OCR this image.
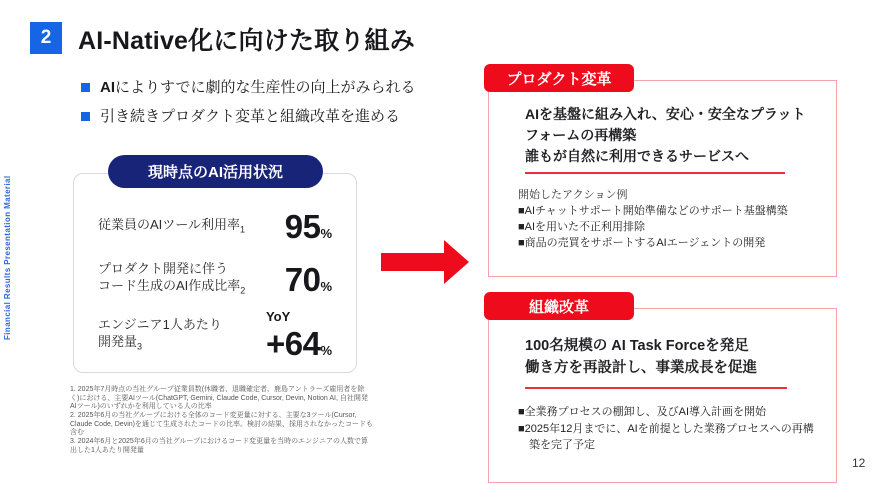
2	AI-Native化に向けた取り組み
Financial Results Presentation Material
AIによりすでに劇的な生産性の向上がみられる
引き続きプロダクト変革と組織改革を進める
現時点のAI活用状況
従業員のAIツール利用率$_1$ 95%
プロダクト開発に伴う
コード生成のAI作成比率$_2$ 70%
エンジニア1人あたり
開発量$_3$
YoY
+64%
プロダクト変革
AIを基盤に組み入れ、安心・安全なプラット
フォームの再構築
誰もが自然に利用できるサービスへ
開始したアクション例
■AIチャットサポート開始準備などのサポート基盤構築
■AIを用いた不正利用排除
■商品の売買をサポートするAIエージェントの開発
組織改革
100名規模の AI Task Forceを発足
働き方を再設計し、事業成長を促進
■全業務プロセスの棚卸し、及びAI導入計画を開始
■2025年12月までに、AIを前提とした業務プロセスへの再構築を完了予定

1. 2025年7月時点の当社グループ従業員数(休職者、退職確定者、鹿島アントラーズ雇用者を除く)における、主要AIツール(ChatGPT, Gemini, Claude Code, Cursor, Devin, Notion AI, 自社開発AIツール)のいずれかを利用している人の比率

2. 2025年6月の当社グループにおける全体のコード変更量に対する、主要な3ツール(Cursor, Claude Code, Devin)を通じて生成されたコードの比率。検討の結果、採用されなかったコードも含む

3. 2024年6月と2025年6月の当社グループにおけるコード変更量を当時のエンジニアの人数で算出した1人あたり開発量

12
